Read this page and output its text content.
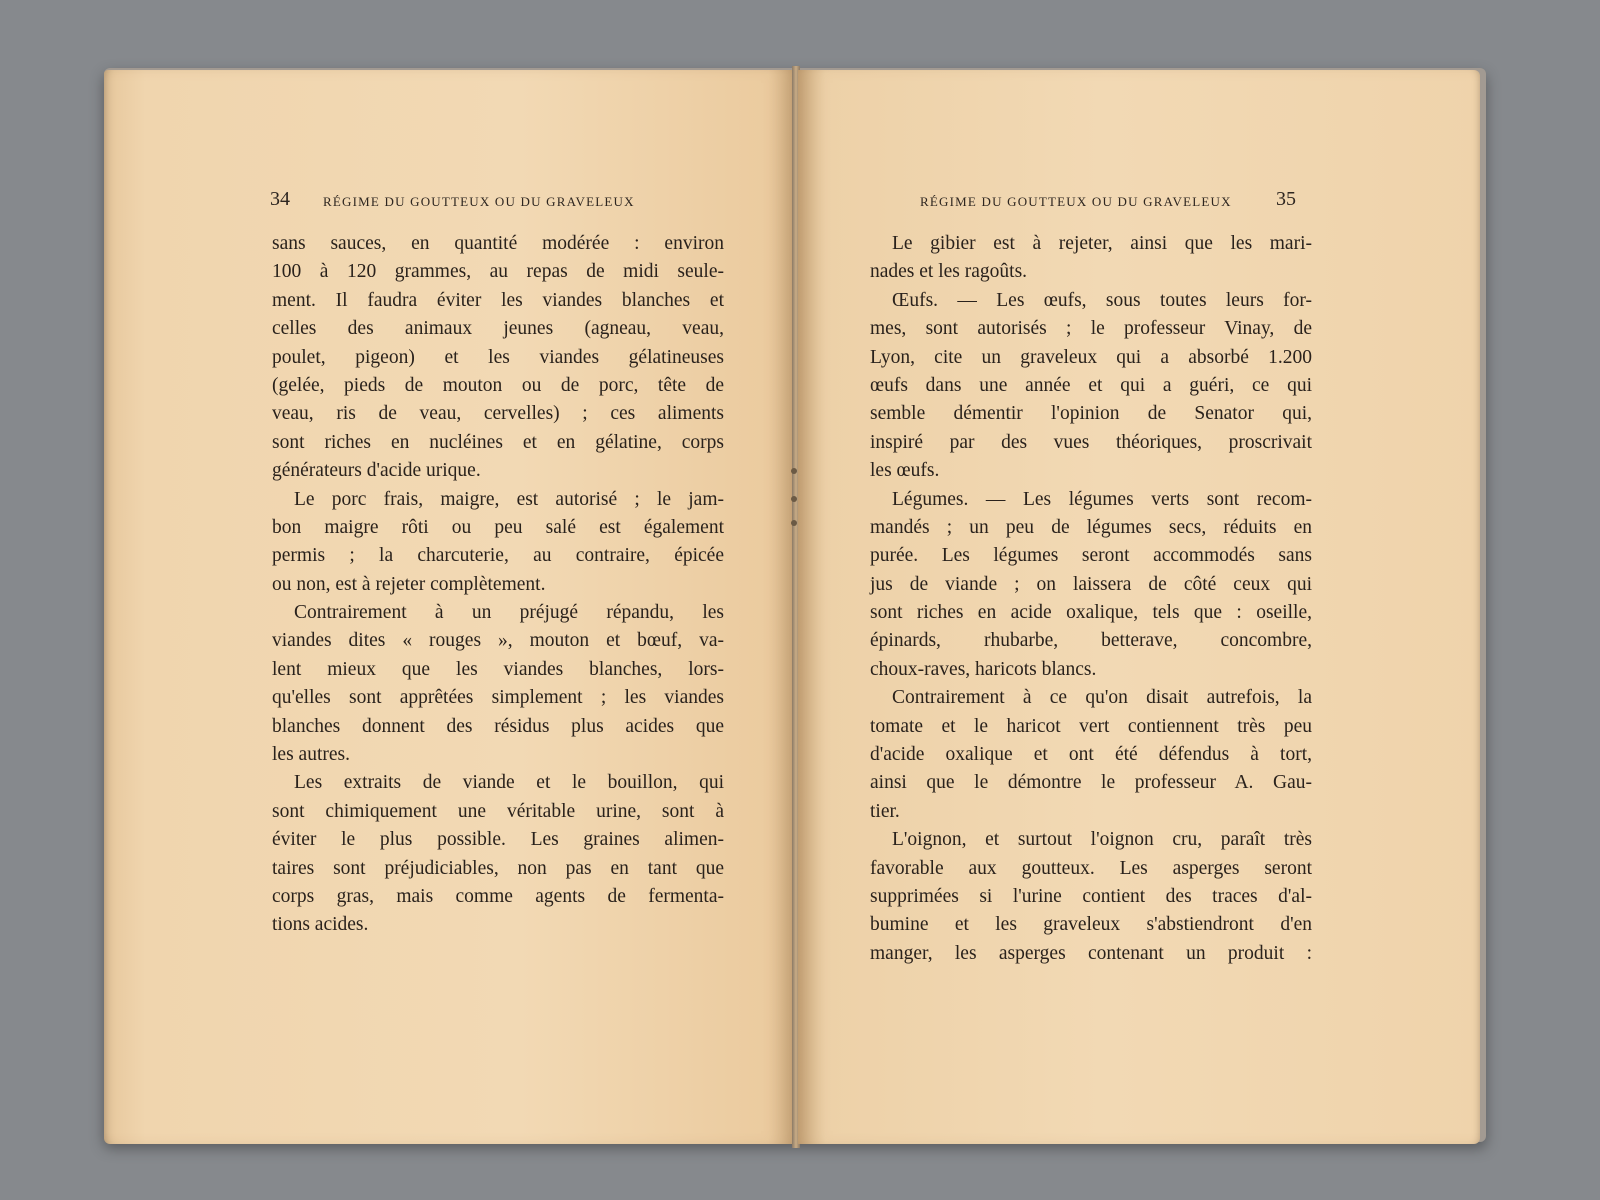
34	RÉGIME DU GOUTTEUX OU DU GRAVELEUX
sans sauces, en quantité modérée : environ
100 à 120 grammes, au repas de midi seule-
ment. Il faudra éviter les viandes blanches et
celles des animaux jeunes (agneau, veau,
poulet, pigeon) et les viandes gélatineuses
(gelée, pieds de mouton ou de porc, tête de
veau, ris de veau, cervelles) ; ces aliments
sont riches en nucléines et en gélatine, corps
générateurs d'acide urique.
Le porc frais, maigre, est autorisé ; le jam-
bon maigre rôti ou peu salé est également
permis ; la charcuterie, au contraire, épicée
ou non, est à rejeter complètement.
Contrairement à un préjugé répandu, les
viandes dites « rouges », mouton et bœuf, va-
lent mieux que les viandes blanches, lors-
qu'elles sont apprêtées simplement ; les viandes
blanches donnent des résidus plus acides que
les autres.
Les extraits de viande et le bouillon, qui
sont chimiquement une véritable urine, sont à
éviter le plus possible. Les graines alimen-
taires sont préjudiciables, non pas en tant que
corps gras, mais comme agents de fermenta-
tions acides.
RÉGIME DU GOUTTEUX OU DU GRAVELEUX 35
Le gibier est à rejeter, ainsi que les mari-
nades et les ragoûts.
Œufs. — Les œufs, sous toutes leurs for-
mes, sont autorisés ; le professeur Vinay, de
Lyon, cite un graveleux qui a absorbé 1.200
œufs dans une année et qui a guéri, ce qui
semble démentir l'opinion de Senator qui,
inspiré par des vues théoriques, proscrivait
les œufs.
Légumes. — Les légumes verts sont recom-
mandés ; un peu de légumes secs, réduits en
purée. Les légumes seront accommodés sans
jus de viande ; on laissera de côté ceux qui
sont riches en acide oxalique, tels que : oseille,
épinards, rhubarbe, betterave, concombre,
choux-raves, haricots blancs.
Contrairement à ce qu'on disait autrefois, la
tomate et le haricot vert contiennent très peu
d'acide oxalique et ont été défendus à tort,
ainsi que le démontre le professeur A. Gau-
tier.
L'oignon, et surtout l'oignon cru, paraît très
favorable aux goutteux. Les asperges seront
supprimées si l'urine contient des traces d'al-
bumine et les graveleux s'abstiendront d'en
manger, les asperges contenant un produit :
